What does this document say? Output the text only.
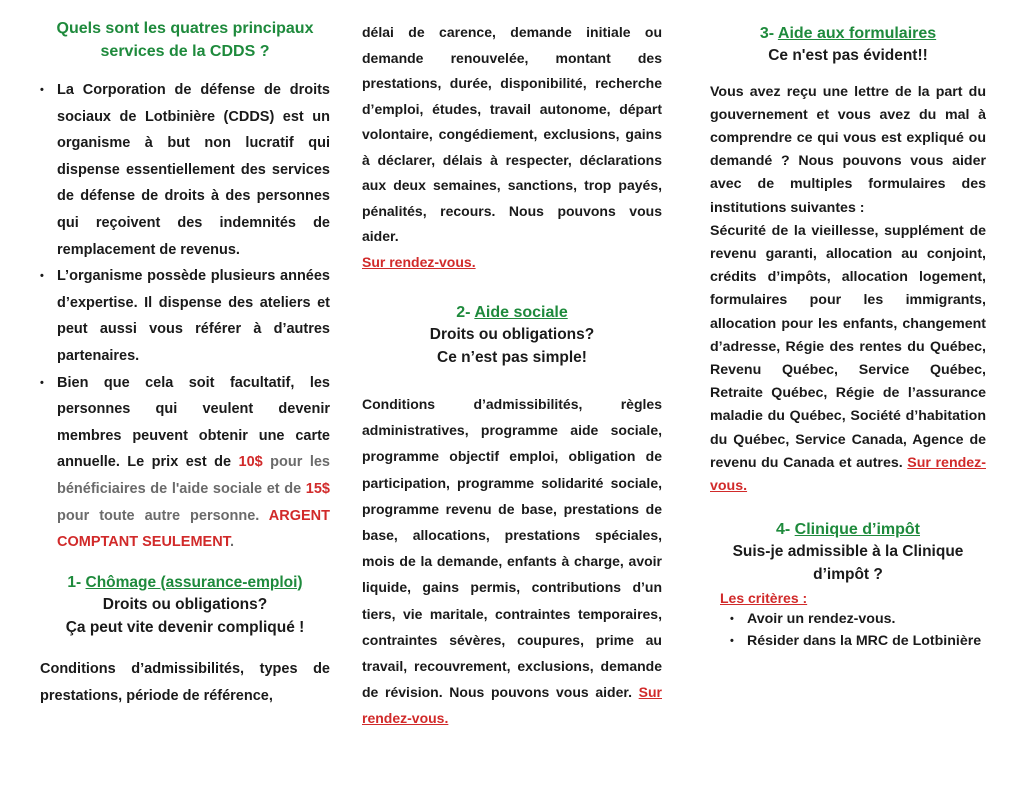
Quels sont les quatres principaux services de la CDDS ?
• La Corporation de défense de droits sociaux de Lotbinière (CDDS) est un organisme à but non lucratif qui dispense essentiellement des services de défense de droits à des personnes qui reçoivent des indemnités de remplacement de revenus.
• L’organisme possède plusieurs années d’expertise. Il dispense des ateliers et peut aussi vous référer à d’autres partenaires.
• Bien que cela soit facultatif, les personnes qui veulent devenir membres peuvent obtenir une carte annuelle. Le prix est de 10$ pour les bénéficiaires de l'aide sociale et de 15$ pour toute autre personne. ARGENT COMPTANT SEULEMENT.
1- Chômage (assurance-emploi)
Droits ou obligations?
Ça peut vite devenir compliqué !
Conditions d’admissibilités, types de prestations, période de référence,
délai de carence, demande initiale ou demande renouvelée, montant des prestations, durée, disponibilité, recherche d’emploi, études, travail autonome, départ volontaire, congédiement, exclusions, gains à déclarer, délais à respecter, déclarations aux deux semaines, sanctions, trop payés, pénalités, recours. Nous pouvons vous aider.
Sur rendez-vous.
2- Aide sociale
Droits ou obligations?
Ce n’est pas simple!
Conditions d’admissibilités, règles administratives, programme aide sociale, programme objectif emploi, obligation de participation, programme solidarité sociale, programme revenu de base, prestations de base, allocations, prestations spéciales, mois de la demande, enfants à charge, avoir liquide, gains permis, contributions d’un tiers, vie maritale, contraintes temporaires, contraintes sévères, coupures, prime au travail, recouvrement, exclusions, demande de révision. Nous pouvons vous aider. Sur rendez-vous.
3- Aide aux formulaires
Ce n'est pas évident!!
Vous avez reçu une lettre de la part du gouvernement et vous avez du mal à comprendre ce qui vous est expliqué ou demandé ? Nous pouvons vous aider avec de multiples formulaires des institutions suivantes :
Sécurité de la vieillesse, supplément de revenu garanti, allocation au conjoint, crédits d’impôts, allocation logement, formulaires pour les immigrants, allocation pour les enfants, changement d’adresse, Régie des rentes du Québec, Revenu Québec, Service Québec, Retraite Québec, Régie de l’assurance maladie du Québec, Société d’habitation du Québec, Service Canada, Agence de revenu du Canada et autres. Sur rendez-vous.
4- Clinique d’impôt
Suis-je admissible à la Clinique d’impôt ?
Les critères :
• Avoir un rendez-vous.
• Résider dans la MRC de Lotbinière
